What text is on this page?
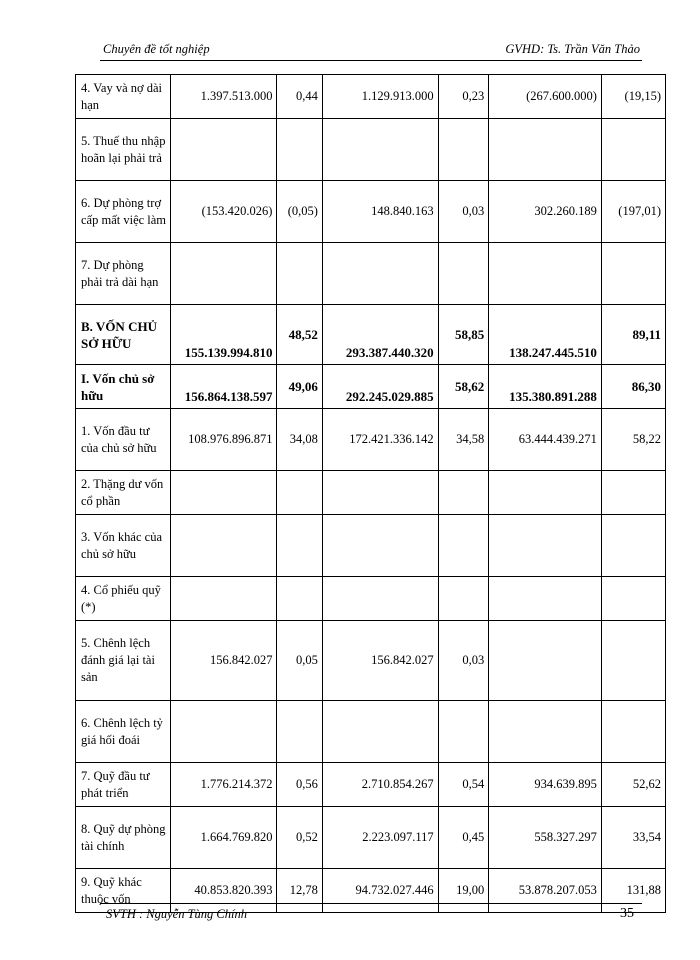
Chuyên đề tốt nghiệp	GVHD: Ts. Trần Văn Thảo
4. Vay và nợ dài hạn	1.397.513.000	0,44	1.129.913.000	0,23	(267.600.000)	(19,15)
5. Thuế thu nhập hoãn lại phải trả						
6. Dự phòng trợ cấp mất việc làm	(153.420.026)	(0,05)	148.840.163	0,03	302.260.189	(197,01)
7. Dự phòng phải trả dài hạn						
B. VỐN CHỦ SỞ HỮU	155.139.994.810	48,52	293.387.440.320	58,85	138.247.445.510	89,11
I. Vốn chủ sở hữu	156.864.138.597	49,06	292.245.029.885	58,62	135.380.891.288	86,30
1. Vốn đầu tư của chủ sở hữu	108.976.896.871	34,08	172.421.336.142	34,58	63.444.439.271	58,22
2. Thặng dư vốn cổ phần						
3. Vốn khác của chủ sở hữu						
4. Cổ phiếu quỹ (*)						
5. Chênh lệch đánh giá lại tài sản	156.842.027	0,05	156.842.027	0,03		
6. Chênh lệch tỷ giá hối đoái						
7. Quỹ đầu tư phát triển	1.776.214.372	0,56	2.710.854.267	0,54	934.639.895	52,62
8. Quỹ dự phòng tài chính	1.664.769.820	0,52	2.223.097.117	0,45	558.327.297	33,54
9. Quỹ khác thuộc vốn	40.853.820.393	12,78	94.732.027.446	19,00	53.878.207.053	131,88
SVTH : Nguyễn Tùng Chính	35
